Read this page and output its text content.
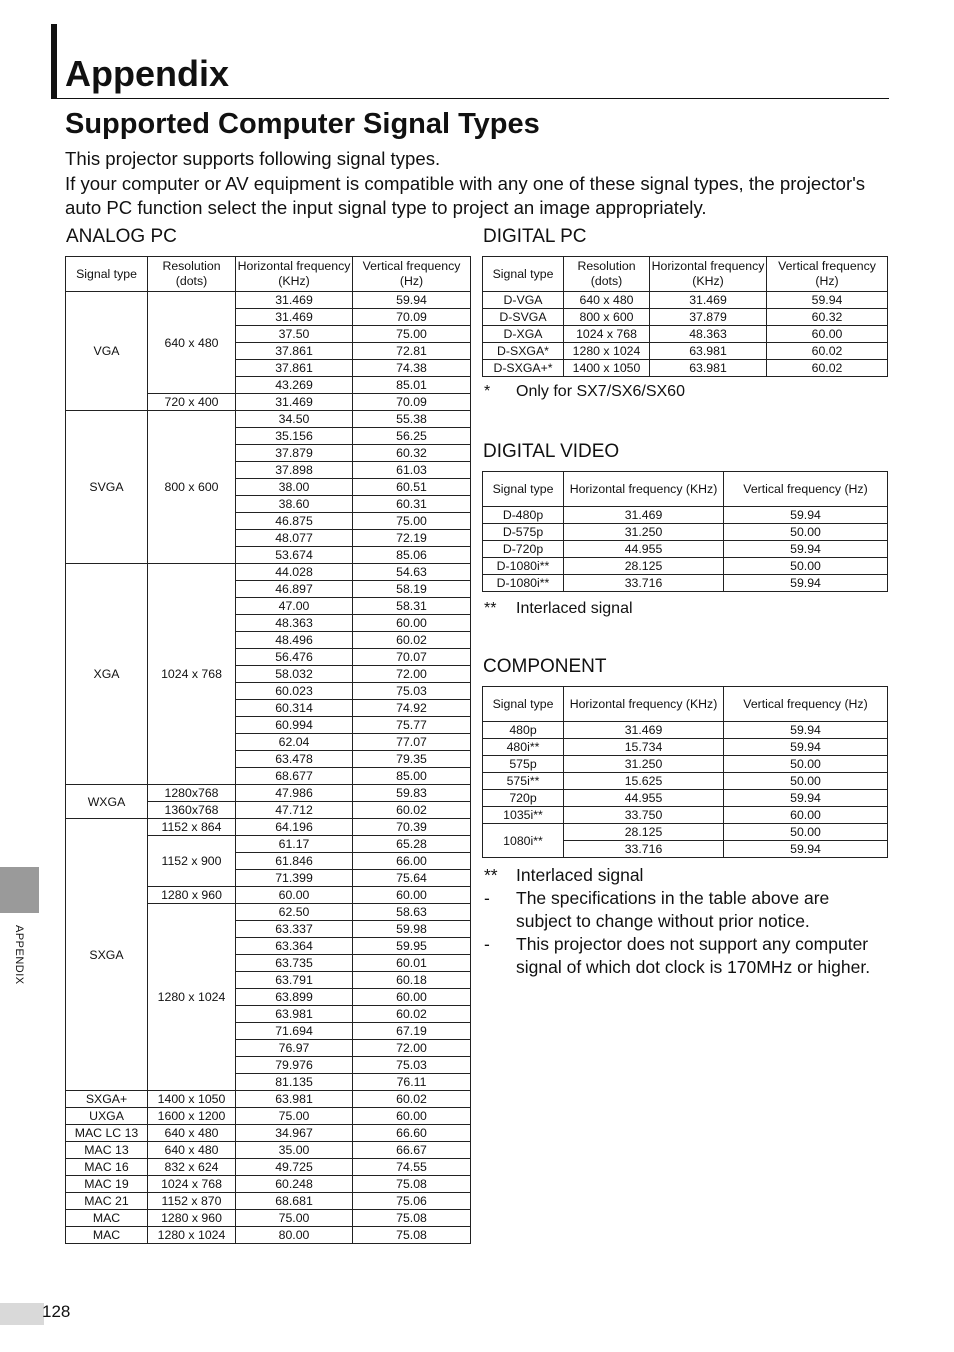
Appendix
Supported Computer Signal Types

This projector supports following signal types.

If your computer or AV equipment is compatible with any one of these signal types, the projector's auto PC function select the input signal type to project an image appropriately.

ANALOG PC
Signal type	Resolution (dots)	Horizontal frequency (KHz)	Vertical frequency (Hz)
VGA	640 x 480	31.469	59.94
		31.469	70.09
		37.50	75.00
		37.861	72.81
		37.861	74.38
		43.269	85.01
	720 x 400	31.469	70.09
SVGA	800 x 600	34.50	55.38
		35.156	56.25
		37.879	60.32
		37.898	61.03
		38.00	60.51
		38.60	60.31
		46.875	75.00
		48.077	72.19
		53.674	85.06
XGA	1024 x 768	44.028	54.63
		46.897	58.19
		47.00	58.31
		48.363	60.00
		48.496	60.02
		56.476	70.07
		58.032	72.00
		60.023	75.03
		60.314	74.92
		60.994	75.77
		62.04	77.07
		63.478	79.35
		68.677	85.00
WXGA	1280x768	47.986	59.83
	1360x768	47.712	60.02
SXGA	1152 x 864	64.196	70.39
	1152 x 900	61.17	65.28
		61.846	66.00
		71.399	75.64
	1280 x 960	60.00	60.00
	1280 x 1024	62.50	58.63
		63.337	59.98
		63.364	59.95
		63.735	60.01
		63.791	60.18
		63.899	60.00
		63.981	60.02
		71.694	67.19
		76.97	72.00
		79.976	75.03
		81.135	76.11
SXGA+	1400 x 1050	63.981	60.02
UXGA	1600 x 1200	75.00	60.00
MAC LC 13	640 x 480	34.967	66.60
MAC 13	640 x 480	35.00	66.67
MAC 16	832 x 624	49.725	74.55
MAC 19	1024 x 768	60.248	75.08
MAC 21	1152 x 870	68.681	75.06
MAC	1280 x 960	75.00	75.08
MAC	1280 x 1024	80.00	75.08
DIGITAL PC
Signal type	Resolution (dots)	Horizontal frequency (KHz)	Vertical frequency (Hz)
D-VGA	640 x 480	31.469	59.94
D-SVGA	800 x 600	37.879	60.32
D-XGA	1024 x 768	48.363	60.00
D-SXGA*	1280 x 1024	63.981	60.02
D-SXGA+*	1400 x 1050	63.981	60.02
* Only for SX7/SX6/SX60
DIGITAL VIDEO
Signal type	Horizontal frequency (KHz)	Vertical frequency (Hz)
D-480p	31.469	59.94
D-575p	31.250	50.00
D-720p	44.955	59.94
D-1080i**	28.125	50.00
D-1080i**	33.716	59.94
** Interlaced signal
COMPONENT
Signal type	Horizontal frequency (KHz)	Vertical frequency (Hz)
480p	31.469	59.94
480i**	15.734	59.94
575p	31.250	50.00
575i**	15.625	50.00
720p	44.955	59.94
1035i**	33.750	60.00
1080i**	28.125	50.00
	33.716	59.94
**	Interlaced signal
-	The specifications in the table above are subject to change without prior notice.
-	This projector does not support any computer signal of which dot clock is 170MHz or higher.
APPENDIX
128
